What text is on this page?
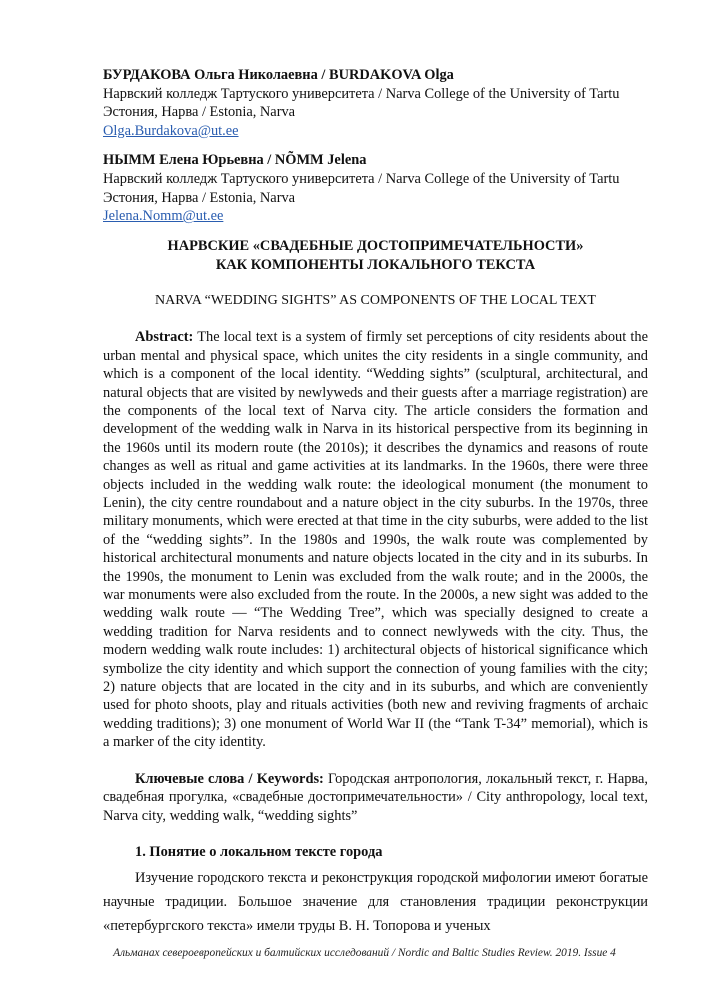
БУРДАКОВА Ольга Николаевна / BURDAKOVA Olga
Нарвский колледж Тартуского университета / Narva College of the University of Tartu
Эстония, Нарва / Estonia, Narva
Olga.Burdakova@ut.ee
НЫММ Елена Юрьевна / NÕMM Jelena
Нарвский колледж Тартуского университета / Narva College of the University of Tartu
Эстония, Нарва / Estonia, Narva
Jelena.Nomm@ut.ee
НАРВСКИЕ «СВАДЕБНЫЕ ДОСТОПРИМЕЧАТЕЛЬНОСТИ»
КАК КОМПОНЕНТЫ ЛОКАЛЬНОГО ТЕКСТА
NARVA “WEDDING SIGHTS” AS COMPONENTS OF THE LOCAL TEXT

Abstract: The local text is a system of firmly set perceptions of city residents about the urban mental and physical space, which unites the city residents in a single community, and which is a component of the local identity. “Wedding sights” (sculptural, architectural, and natural objects that are visited by newlyweds and their guests after a marriage registration) are the components of the local text of Narva city. The article considers the formation and development of the wedding walk in Narva in its historical perspective from its beginning in the 1960s until its modern route (the 2010s); it describes the dynamics and reasons of route changes as well as ritual and game activities at its landmarks. In the 1960s, there were three objects included in the wedding walk route: the ideological monument (the monument to Lenin), the city centre roundabout and a nature object in the city suburbs. In the 1970s, three military monuments, which were erected at that time in the city suburbs, were added to the list of the “wedding sights”. In the 1980s and 1990s, the walk route was complemented by historical architectural monuments and nature objects located in the city and in its suburbs. In the 1990s, the monument to Lenin was excluded from the walk route; and in the 2000s, the war monuments were also excluded from the route. In the 2000s, a new sight was added to the wedding walk route — “The Wedding Tree”, which was specially designed to create a wedding tradition for Narva residents and to connect newlyweds with the city. Thus, the modern wedding walk route includes: 1) architectural objects of historical significance which symbolize the city identity and which support the connection of young families with the city; 2) nature objects that are located in the city and in its suburbs, and which are conveniently used for photo shoots, play and rituals activities (both new and reviving fragments of archaic wedding traditions); 3) one monument of World War II (the “Tank T-34” memorial), which is a marker of the city identity.

Ключевые слова / Keywords: Городская антропология, локальный текст, г. Нарва, свадебная прогулка, «свадебные достопримечательности» / City anthropology, local text, Narva city, wedding walk, “wedding sights”

1. Понятие о локальном тексте города

Изучение городского текста и реконструкция городской мифологии имеют богатые научные традиции. Большое значение для становления традиции реконструкции «петербургского текста» имели труды В. Н. Топорова и ученых

Альманах североевропейских и балтийских исследований / Nordic and Baltic Studies Review. 2019. Issue 4
